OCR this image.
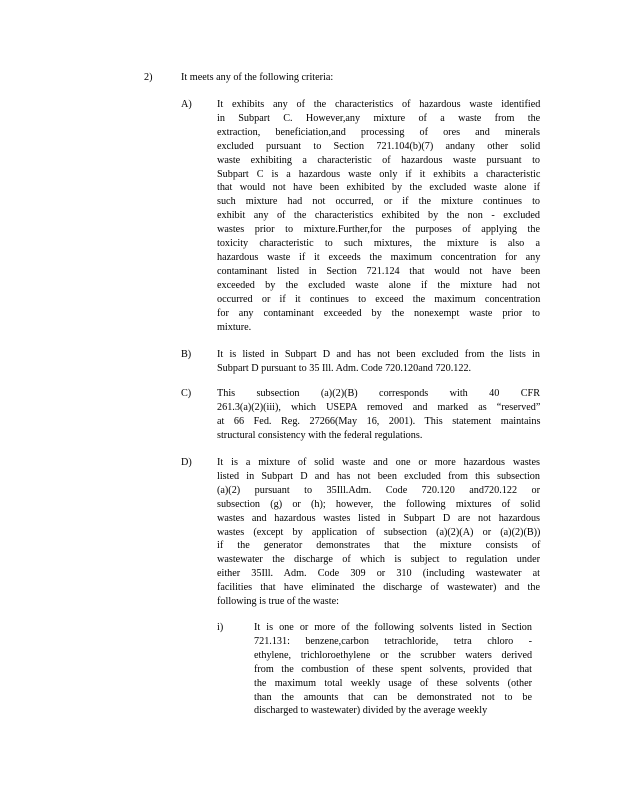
2)	It meets any of the following criteria:
A) It exhibits any of the characteristics of hazardous waste identified
in Subpart C. However,any mixture of a waste from the
extraction, beneficiation,and processing of ores and minerals
excluded pursuant to Section 721.104(b)(7) andany other solid
waste exhibiting a characteristic of hazardous waste pursuant to
Subpart C is a hazardous waste only if it exhibits a characteristic
that would not have been exhibited by the excluded waste alone if
such mixture had not occurred, or if the mixture continues to
exhibit any of the characteristics exhibited by the non - excluded
wastes prior to mixture.Further,for the purposes of applying the
toxicity characteristic to such mixtures, the mixture is also a
hazardous waste if it exceeds the maximum concentration for any
contaminant listed in Section 721.124 that would not have been
exceeded by the excluded waste alone if the mixture had not
occurred or if it continues to exceed the maximum concentration
for any contaminant exceeded by the nonexempt waste prior to
mixture.
B)	It is listed in Subpart D and has not been excluded from the lists in
Subpart D pursuant to 35 Ill. Adm. Code 720.120and 720.122.
C)	This subsection (a)(2)(B) corresponds with 40 CFR
261.3(a)(2)(iii), which USEPA removed and marked as “reserved”
at 66 Fed. Reg. 27266(May 16, 2001). This statement maintains
structural consistency with the federal regulations.
D) It is a mixture of solid waste and one or more hazardous wastes
listed in Subpart D and has not been excluded from this subsection
(a)(2) pursuant to 35Ill.Adm. Code 720.120 and720.122 or
subsection (g) or (h); however, the following mixtures of solid
wastes and hazardous wastes listed in Subpart D are not hazardous
wastes (except by application of subsection (a)(2)(A) or (a)(2)(B))
if the generator demonstrates that the mixture consists of
wastewater the discharge of which is subject to regulation under
either 35Ill. Adm. Code 309 or 310 (including wastewater at
facilities that have eliminated the discharge of wastewater) and the
following is true of the waste:
i)	It is one or more of the following solvents listed in Section
721.131: benzene,carbon tetrachloride, tetra chloro -
ethylene, trichloroethylene or the scrubber waters derived
from the combustion of these spent solvents, provided that
the maximum total weekly usage of these solvents (other
than the amounts that can be demonstrated not to be
discharged to wastewater) divided by the average weekly
